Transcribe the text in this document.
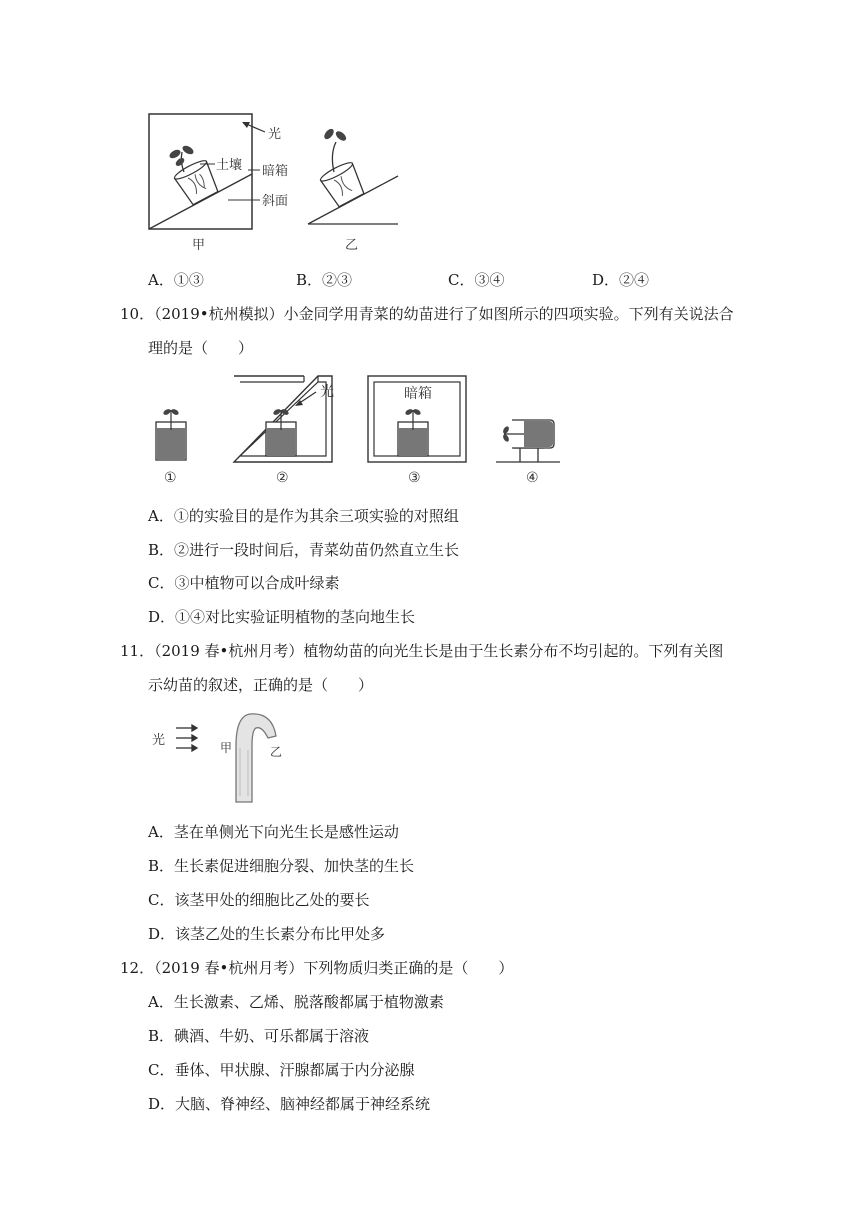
光
土壤 暗箱
斜面
甲	乙
A．①③	B．②③	C．③④	D．②④
10．（2019•杭州模拟）小金同学用青菜的幼苗进行了如图所示的四项实验。下列有关说法合
理的是（　　）
①
光
②
暗箱
③	④
A．①的实验目的是作为其余三项实验的对照组
B．②进行一段时间后，青菜幼苗仍然直立生长
C．③中植物可以合成叶绿素
D．①④对比实验证明植物的茎向地生长
11．（2019 春•杭州月考）植物幼苗的向光生长是由于生长素分布不均引起的。下列有关图
示幼苗的叙述，正确的是（　　）
光	甲	乙
A．茎在单侧光下向光生长是感性运动
B．生长素促进细胞分裂、加快茎的生长
C．该茎甲处的细胞比乙处的要长
D．该茎乙处的生长素分布比甲处多
12．（2019 春•杭州月考）下列物质归类正确的是（　　）
A．生长激素、乙烯、脱落酸都属于植物激素
B．碘酒、牛奶、可乐都属于溶液
C．垂体、甲状腺、汗腺都属于内分泌腺
D．大脑、脊神经、脑神经都属于神经系统
